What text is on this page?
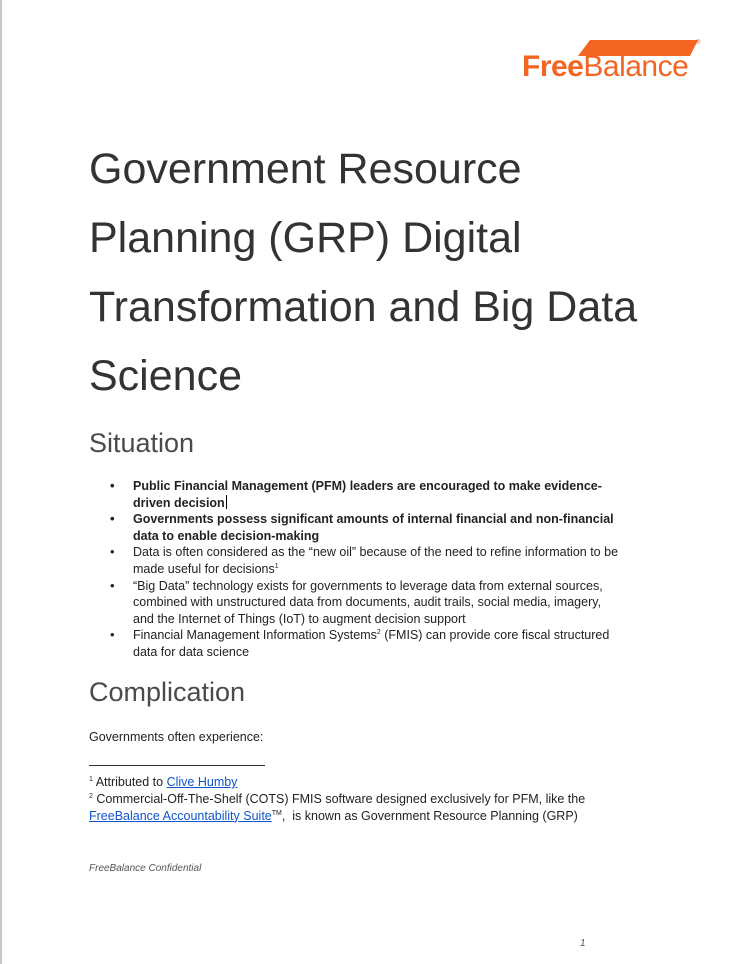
®
FreeBalance
Government Resource Planning (GRP) Digital Transformation and Big Data Science
Situation
• Public Financial Management (PFM) leaders are encouraged to make evidence-driven decision
• Governments possess significant amounts of internal financial and non-financial data to enable decision-making
• Data is often considered as the “new oil” because of the need to refine information to be made useful for decisions$^1$
• “Big Data” technology exists for governments to leverage data from external sources, combined with unstructured data from documents, audit trails, social media, imagery, and the Internet of Things (IoT) to augment decision support
• Financial Management Information Systems$^2$ (FMIS) can provide core fiscal structured data for data science
Complication
Governments often experience:
$^1$ Attributed to Clive Humby
$^2$ Commercial-Off-The-Shelf (COTS) FMIS software designed exclusively for PFM, like the FreeBalance Accountability Suite™,  is known as Government Resource Planning (GRP)
FreeBalance Confidential
1
